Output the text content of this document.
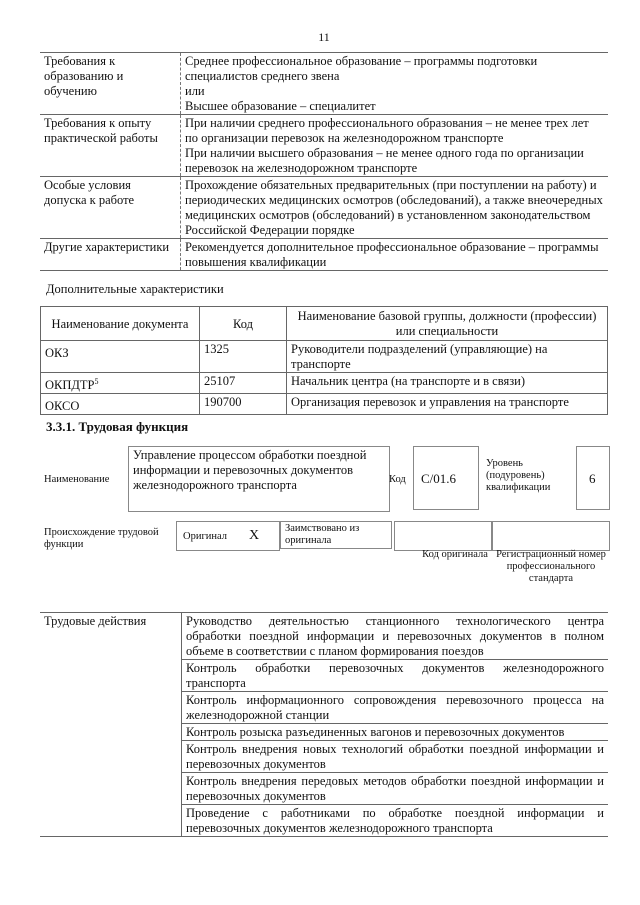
11
Требования к образованию и обучению	Среднее профессиональное образование – программы подготовки специалистов среднего звена
или
Высшее образование – специалитет

Требования к опыту практической работы	При наличии среднего профессионального образования – не менее трех лет по организации перевозок на железнодорожном транспорте
При наличии высшего образования – не менее одного года по организации перевозок на железнодорожном транспорте

Особые условия допуска к работе	Прохождение обязательных предварительных (при поступлении на работу) и периодических медицинских осмотров (обследований), а также внеочередных медицинских осмотров (обследований) в установленном законодательством Российской Федерации порядке

Другие характеристики	Рекомендуется дополнительное профессиональное образование – программы повышения квалификации
Дополнительные характеристики
Наименование документа	Код	Наименование базовой группы, должности (профессии) или специальности
ОКЗ	1325	Руководители подразделений (управляющие) на транспорте
ОКПДТР$^5$	25107	Начальник центра (на транспорте и в связи)
ОКСО	190700	Организация перевозок и управления на транспорте
3.3.1. Трудовая функция
Наименование
Управление процессом обработки поездной информации и перевозочных документов железнодорожного транспорта	Код C/01.6
Уровень (подуровень) квалификации
6
Происхождение трудовой функции
Оригинал X	Заимствовано из оригинала
Код оригинала Регистрационный номер профессионального стандарта
Трудовые действия	Руководство деятельностью станционного технологического центра обработки поездной информации и перевозочных документов в полном объеме в соответствии с планом формирования поездов
Контроль обработки перевозочных документов железнодорожного транспорта
Контроль информационного сопровождения перевозочного процесса на железнодорожной станции
Контроль розыска разъединенных вагонов и перевозочных документов
Контроль внедрения новых технологий обработки поездной информации и перевозочных документов
Контроль внедрения передовых методов обработки поездной информации и перевозочных документов
Проведение с работниками по обработке поездной информации и перевозочных документов железнодорожного транспорта
